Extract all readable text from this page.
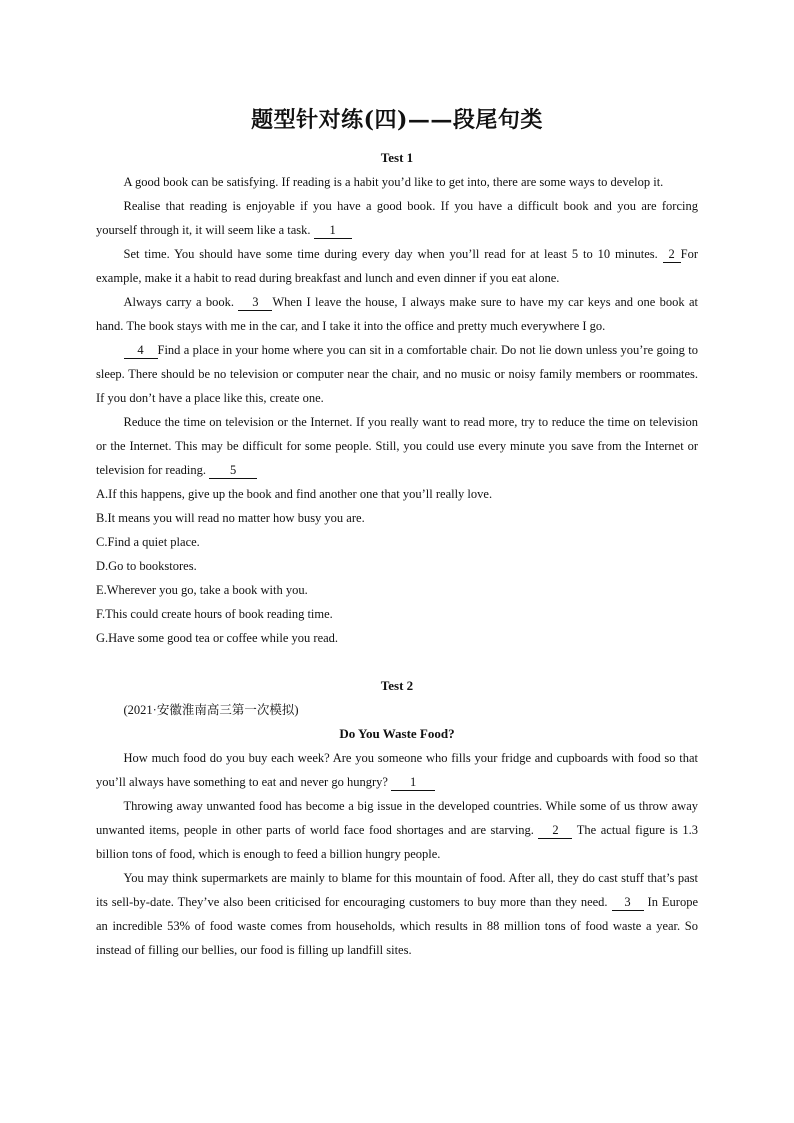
题型针对练(四)——段尾句类
Test 1

A good book can be satisfying. If reading is a habit you’d like to get into, there are some ways to develop it.

Realise that reading is enjoyable if you have a good book. If you have a difficult book and you are forcing yourself through it, it will seem like a task. 1

Set time. You should have some time during every day when you’ll read for at least 5 to 10 minutes. 2 For example, make it a habit to read during breakfast and lunch and even dinner if you eat alone.

Always carry a book. 3 When I leave the house, I always make sure to have my car keys and one book at hand. The book stays with me in the car, and I take it into the office and pretty much everywhere I go.

4 Find a place in your home where you can sit in a comfortable chair. Do not lie down unless you’re going to sleep. There should be no television or computer near the chair, and no music or noisy family members or roommates. If you don’t have a place like this, create one.

Reduce the time on television or the Internet. If you really want to read more, try to reduce the time on television or the Internet. This may be difficult for some people. Still, you could use every minute you save from the Internet or television for reading. 5

A.If this happens, give up the book and find another one that you’ll really love.

B.It means you will read no matter how busy you are.

C.Find a quiet place.

D.Go to bookstores.

E.Wherever you go, take a book with you.

F.This could create hours of book reading time.

G.Have some good tea or coffee while you read.

Test 2
(2021·安徽淮南高三第一次模拟)
Do You Waste Food?

How much food do you buy each week? Are you someone who fills your fridge and cupboards with food so that you’ll always have something to eat and never go hungry? 1

Throwing away unwanted food has become a big issue in the developed countries. While some of us throw away unwanted items, people in other parts of world face food shortages and are starving. 2 The actual figure is 1.3 billion tons of food, which is enough to feed a billion hungry people.

You may think supermarkets are mainly to blame for this mountain of food. After all, they do cast stuff that’s past its sell-by-date. They’ve also been criticised for encouraging customers to buy more than they need. 3 In Europe an incredible 53% of food waste comes from households, which results in 88 million tons of food waste a year. So instead of filling our bellies, our food is filling up landfill sites.
